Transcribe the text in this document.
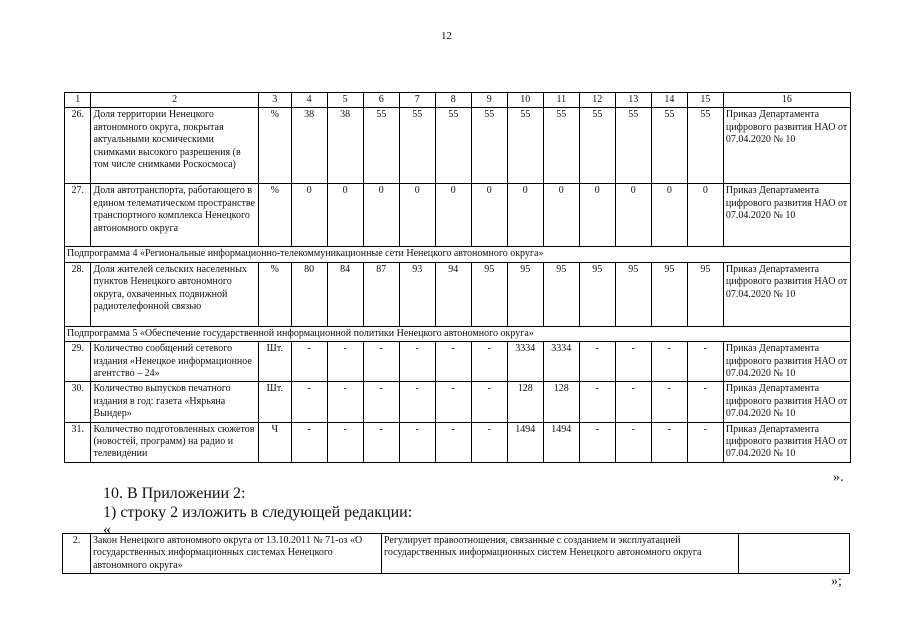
12
1	2	3	4	5	6	7	8	9	10	11	12	13	14	15	16
26.	Доля территории Ненецкого автономного округа, покрытая актуальными космическими снимками высокого разрешения (в том числе снимками Роскосмоса)	%	38	38	55	55	55	55	55	55	55	55	55	55	Приказ Департамента цифрового развития НАО от 07.04.2020 № 10
27.	Доля автотранспорта, работающего в едином телематическом пространстве транспортного комплекса Ненецкого автономного округа	%	0	0	0	0	0	0	0	0	0	0	0	0	Приказ Департамента цифрового развития НАО от 07.04.2020 № 10
Подпрограмма 4 «Региональные информационно-телекоммуникационные сети Ненецкого автономного округа»															
28.	Доля жителей сельских населенных пунктов Ненецкого автономного округа, охваченных подвижной радиотелефонной связью	%	80	84	87	93	94	95	95	95	95	95	95	95	Приказ Департамента цифрового развития НАО от 07.04.2020 № 10
Подпрограмма 5 «Обеспечение государственной информационной политики Ненецкого автономного округа»															
29.	Количество сообщений сетевого издания «Ненецкое информационное агентство – 24»	Шт.	-	-	-	-	-	-	3334	3334	-	-	-	-	Приказ Департамента цифрового развития НАО от 07.04.2020 № 10
30.	Количество выпусков печатного издания в год: газета «Нярьяна Вындер»	Шт.	-	-	-	-	-	-	128	128	-	-	-	-	Приказ Департамента цифрового развития НАО от 07.04.2020 № 10
31.	Количество подготовленных сюжетов (новостей, программ) на радио и телевидении	Ч	-	-	-	-	-	-	1494	1494	-	-	-	-	Приказ Департамента цифрового развития НАО от 07.04.2020 № 10
».
10. В Приложении 2:
1) строку 2 изложить в следующей редакции:
«
2.	Закон Ненецкого автономного округа от 13.10.2011 № 71-оз «О государственных информационных системах Ненецкого автономного округа»	Регулирует правоотношения, связанные с созданием и эксплуатацией государственных информационных систем Ненецкого автономного округа	
»;
